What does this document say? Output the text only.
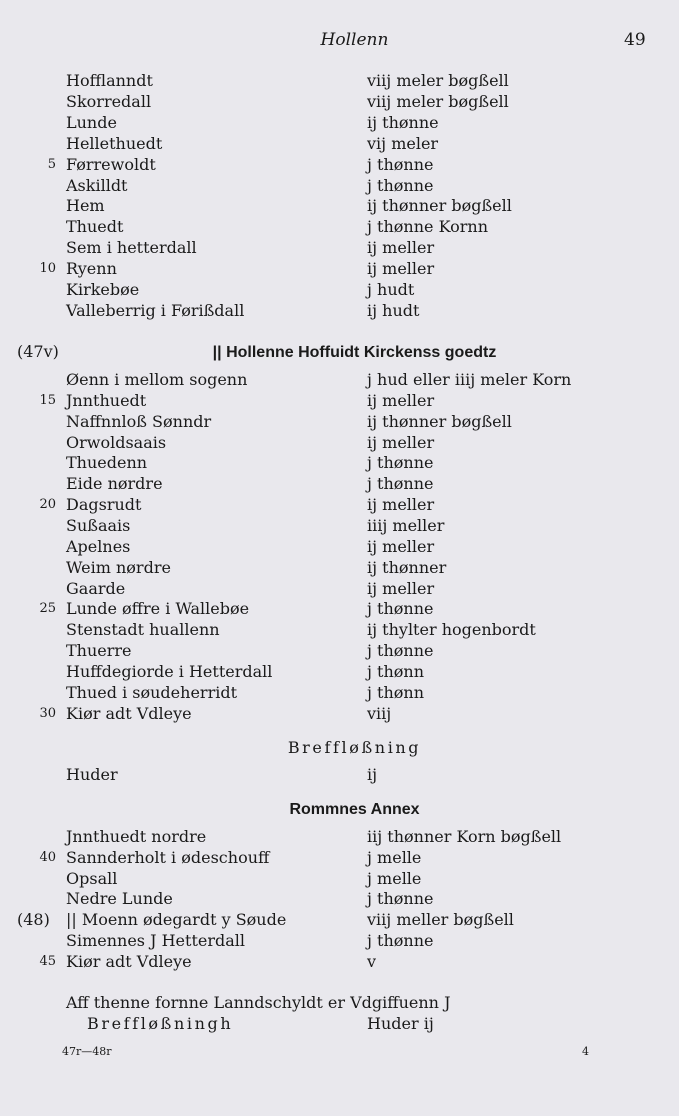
Hollenn	49
Hofflanndt	viij meler bøgßell
Skorredall	viij meler bøgßell
Lunde	ij thønne
Hellethuedt	vij meler
5 Førrewoldt	j thønne
Askilldt	j thønne
Hem	ij thønner bøgßell
Thuedt	j thønne Kornn
Sem i hetterdall	ij meller
10 Ryenn	ij meller
Kirkebøe	j hudt
Valleberrig i Førißdall	ij hudt
(47v)	|| Hollenne Hoffuidt Kirckenss goedtz
Øenn i mellom sogenn	j hud eller iiij meler Korn
15 Jnnthuedt	ij meller
Naffnnloß Sønndr	ij thønner bøgßell
Orwoldsaais	ij meller
Thuedenn	j thønne
Eide nørdre	j thønne
20 Dagsrudt	ij meller
Sußaais	iiij meller
Apelnes	ij meller
Weim nørdre	ij thønner
Gaarde	ij meller
25 Lunde øffre i Wallebøe	j thønne
Stenstadt huallenn	ij thylter hogenbordt
Thuerre	j thønne
Huffdegiorde i Hetterdall	j thønn
Thued i søudeherridt	j thønn
30 Kiør adt Vdleye	viij
Breffløßning
Huder	ij
Rommnes Annex
Jnnthuedt nordre	iij thønner Korn bøgßell
40 Sannderholt i ødeschouff	j melle
Opsall	j melle
Nedre Lunde	j thønne
(48) || Moenn ødegardt y Søude	viij meller bøgßell
Simennes J Hetterdall	j thønne
45 Kiør adt Vdleye	v
Aff thenne fornne Lanndschyldt er Vdgiffuenn J
Breffløßningh	Huder ij
47r—48r	4
